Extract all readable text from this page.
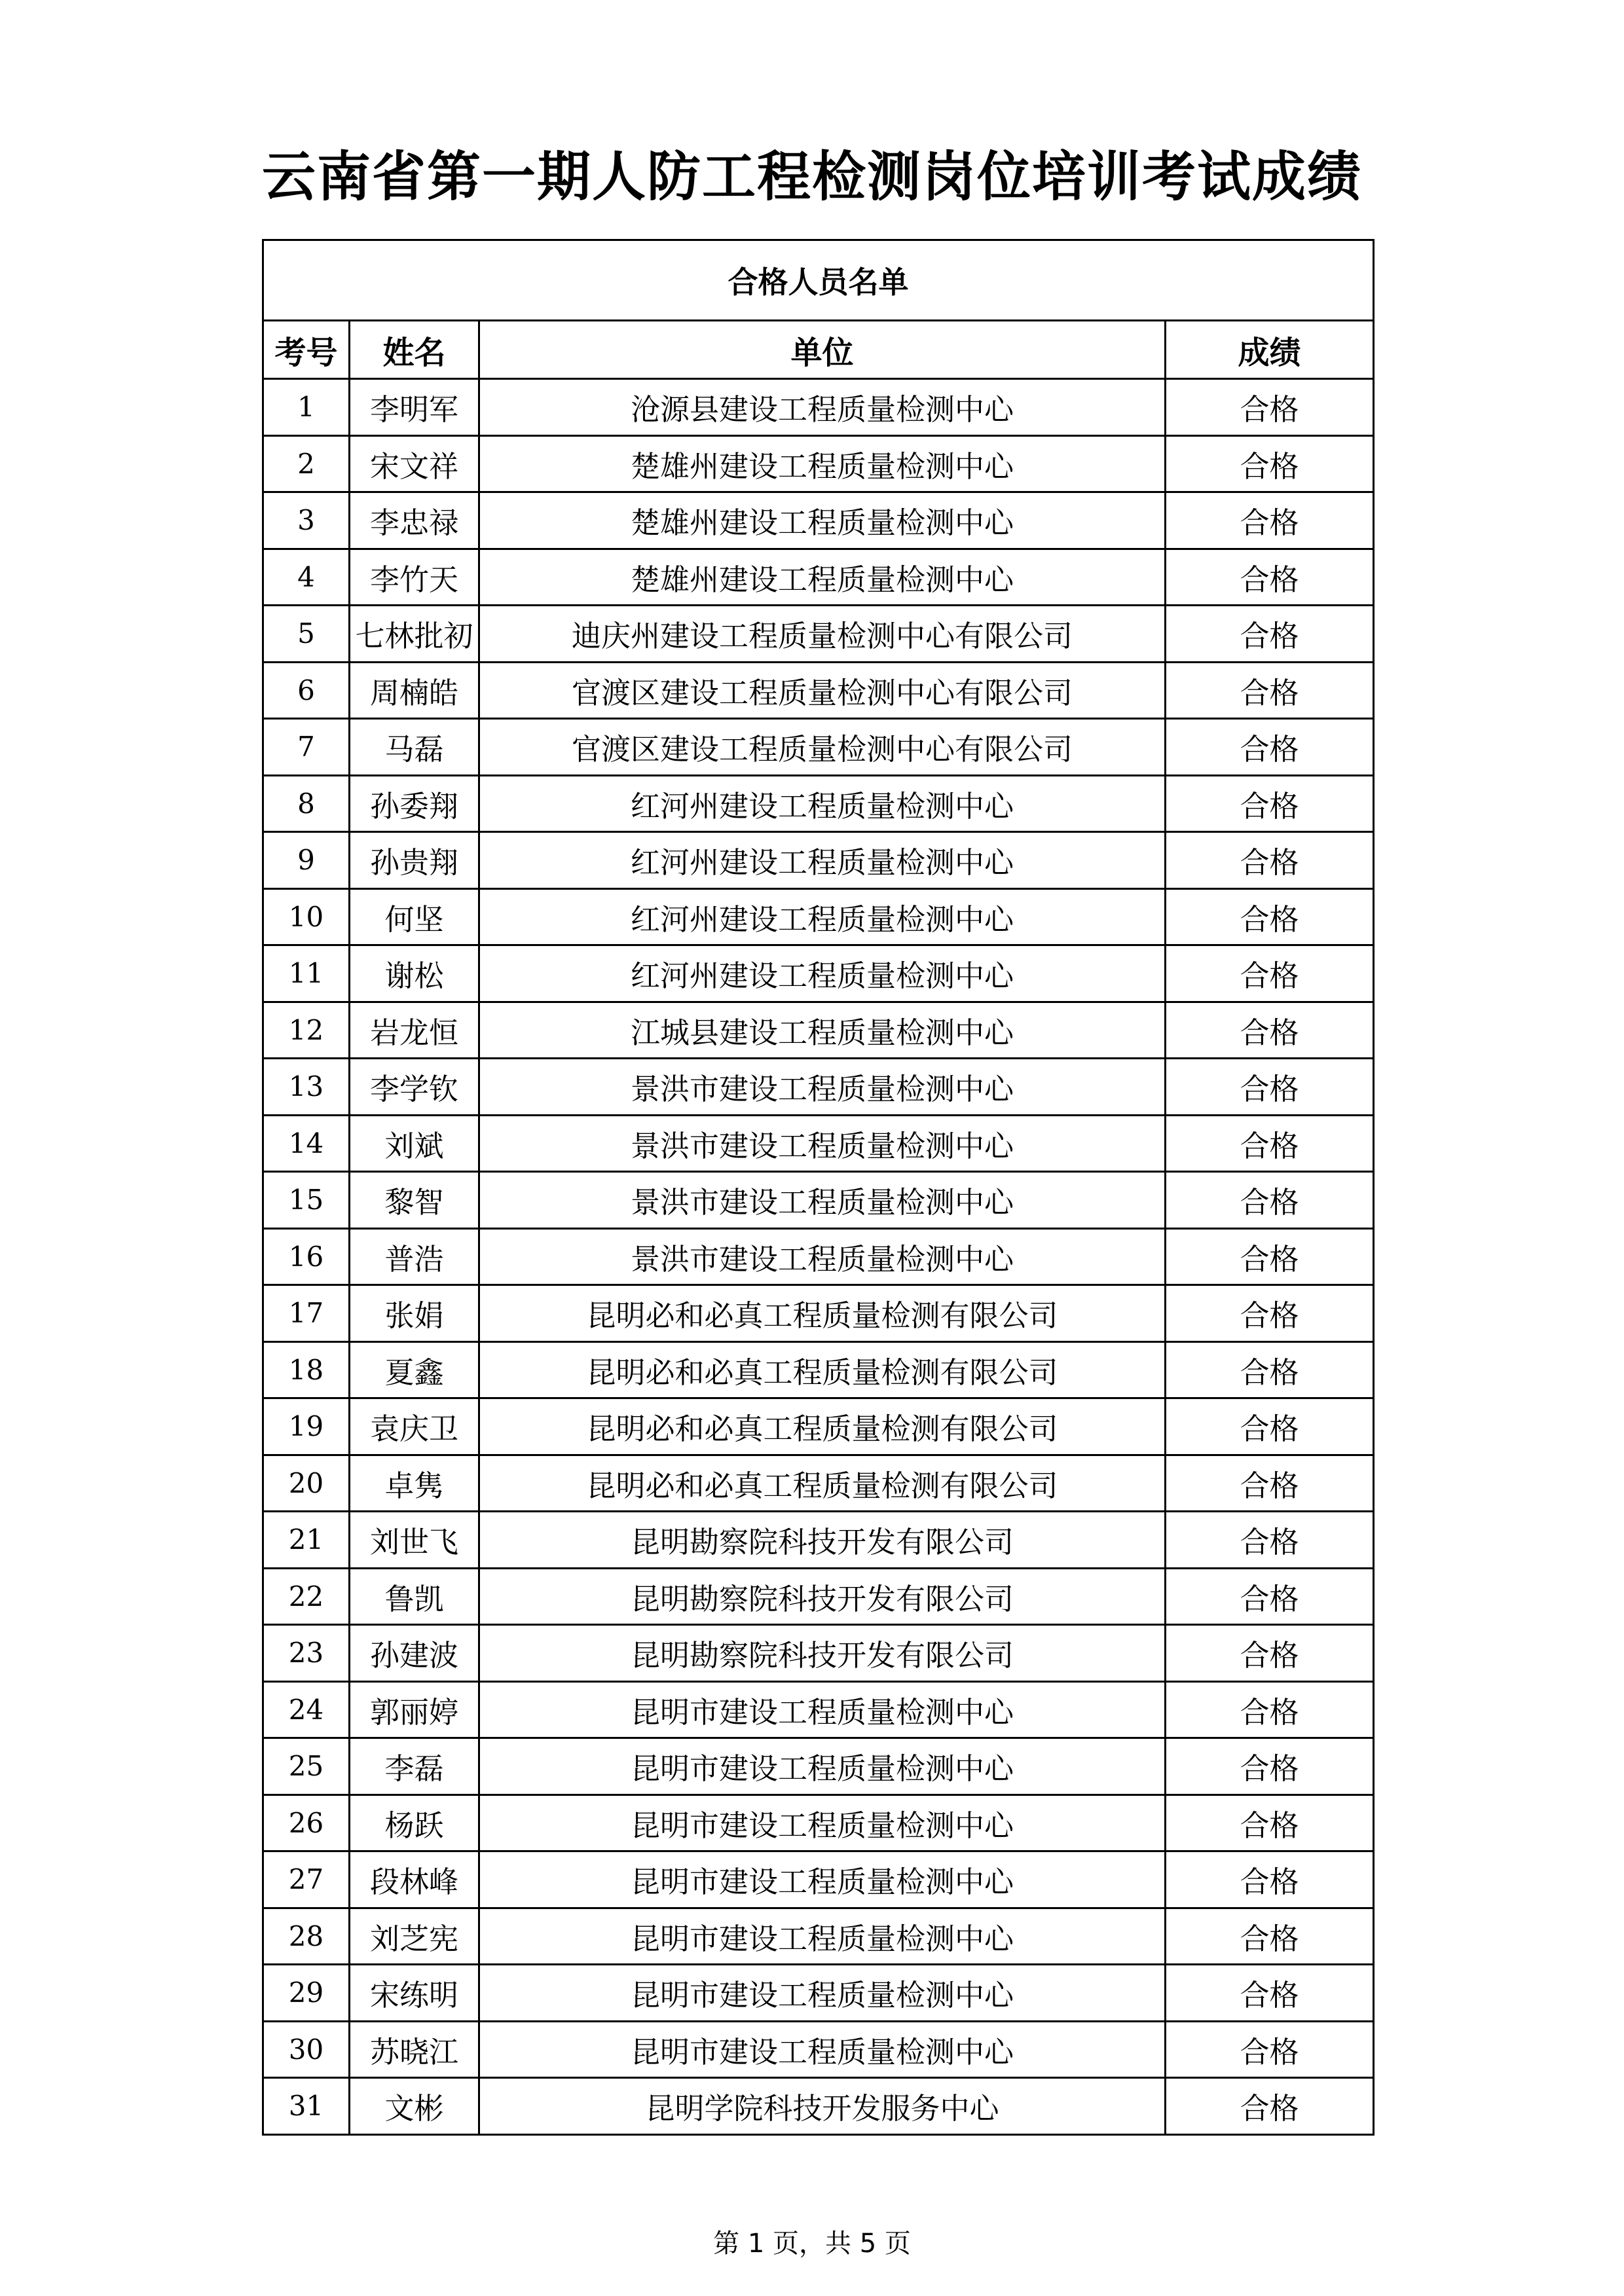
云南省第一期人防工程检测岗位培训考试成绩
合格人员名单			
考号	姓名	单位	成绩
1	李明军	沧源县建设工程质量检测中心	合格
2	宋文祥	楚雄州建设工程质量检测中心	合格
3	李忠禄	楚雄州建设工程质量检测中心	合格
4	李竹天	楚雄州建设工程质量检测中心	合格
5	七林批初	迪庆州建设工程质量检测中心有限公司	合格
6	周楠皓	官渡区建设工程质量检测中心有限公司	合格
7	马磊	官渡区建设工程质量检测中心有限公司	合格
8	孙委翔	红河州建设工程质量检测中心	合格
9	孙贵翔	红河州建设工程质量检测中心	合格
10	何坚	红河州建设工程质量检测中心	合格
11	谢松	红河州建设工程质量检测中心	合格
12	岩龙恒	江城县建设工程质量检测中心	合格
13	李学钦	景洪市建设工程质量检测中心	合格
14	刘斌	景洪市建设工程质量检测中心	合格
15	黎智	景洪市建设工程质量检测中心	合格
16	普浩	景洪市建设工程质量检测中心	合格
17	张娟	昆明必和必真工程质量检测有限公司	合格
18	夏鑫	昆明必和必真工程质量检测有限公司	合格
19	袁庆卫	昆明必和必真工程质量检测有限公司	合格
20	卓隽	昆明必和必真工程质量检测有限公司	合格
21	刘世飞	昆明勘察院科技开发有限公司	合格
22	鲁凯	昆明勘察院科技开发有限公司	合格
23	孙建波	昆明勘察院科技开发有限公司	合格
24	郭丽婷	昆明市建设工程质量检测中心	合格
25	李磊	昆明市建设工程质量检测中心	合格
26	杨跃	昆明市建设工程质量检测中心	合格
27	段林峰	昆明市建设工程质量检测中心	合格
28	刘芝宪	昆明市建设工程质量检测中心	合格
29	宋练明	昆明市建设工程质量检测中心	合格
30	苏晓江	昆明市建设工程质量检测中心	合格
31	文彬	昆明学院科技开发服务中心	合格
第 1 页，共 5 页
